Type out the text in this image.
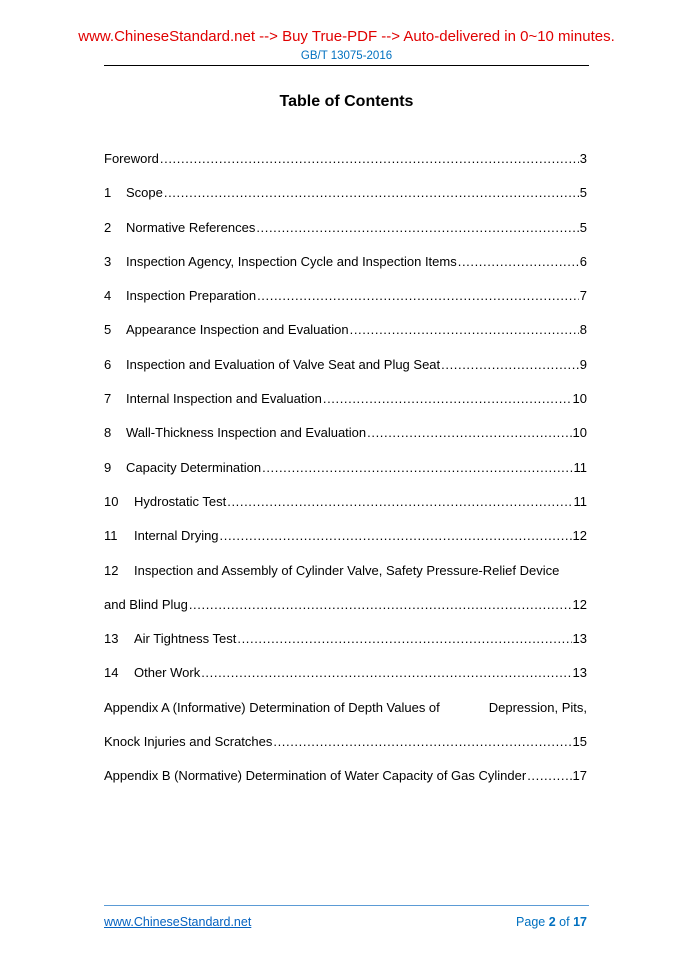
www.ChineseStandard.net --> Buy True-PDF --> Auto-delivered in 0~10 minutes.
GB/T 13075-2016
Table of Contents
Foreword .....	3
1	Scope .....	5
2	Normative References .....	5
3	Inspection Agency, Inspection Cycle and Inspection Items .....	6
4	Inspection Preparation .....	7
5	Appearance Inspection and Evaluation .....	8
6	Inspection and Evaluation of Valve Seat and Plug Seat .....	9
7	Internal Inspection and Evaluation .....	10
8	Wall-Thickness Inspection and Evaluation .....	10
9	Capacity Determination .....	11
10	Hydrostatic Test .....	11
11	Internal Drying .....	12
12	Inspection and Assembly of Cylinder Valve, Safety Pressure-Relief Device
and Blind Plug .....	12
13	Air Tightness Test .....	13
14	Other Work .....	13
Appendix A (Informative) Determination of Depth Values of	Depression, Pits,
Knock Injuries and Scratches .....	15
Appendix B (Normative) Determination of Water Capacity of Gas Cylinder .....	17
www.ChineseStandard.net	Page 2 of 17
